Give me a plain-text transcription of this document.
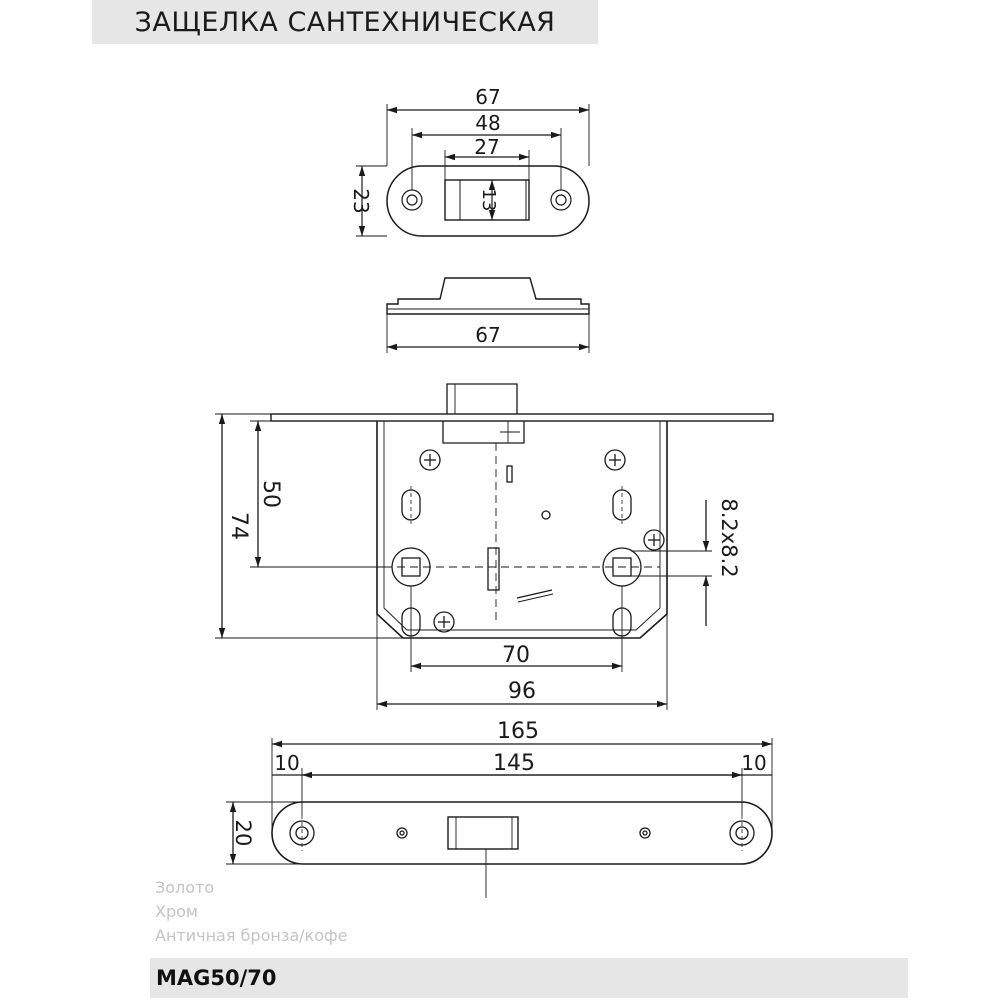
ЗАЩЕЛКА САНТЕХНИЧЕСКАЯ
67
48
27
23	13
67
74
50
70
96
8.2x8.2
165
145
10	10
20
Золото
Хром
Античная бронза/кофе
MAG50/70
